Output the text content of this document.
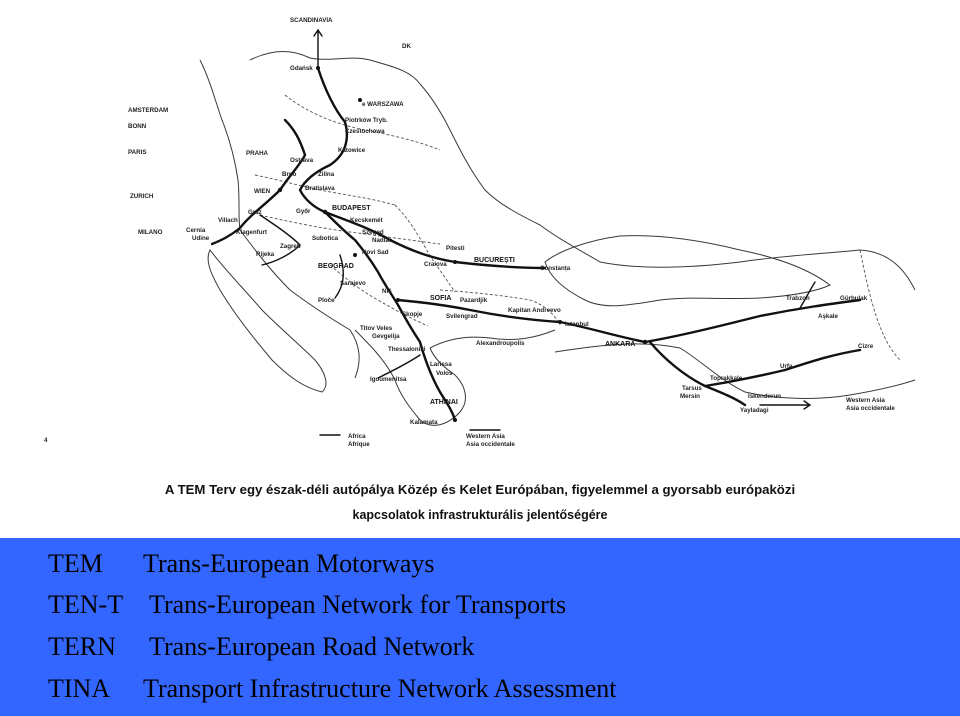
SCANDINAVIA
DK
Gdańsk
AMSTERDAM
BONN
PARIS
ZURICH
MILANO
e WARSZAWA
Piotrków Tryb.
Czestochowa
Katowice
PRAHA
Ostrava
Žilina
Brno
WIEN	Bratislava
Graz	Győr	BUDAPEST
Villach
Klagenfurt
Cernia
Udine
Kecskemét
Szeged
Subotica	Nadlac
Zagreb
Rijeka	Novi Sad
BEOGRAD
Pitesti
Craiova
BUCUREȘTI
Constanța
Sarajevo
Ploče
Niš
SOFIA Pazardjik
Skopje	Svilengrad
Kapitan Andreevo
Istanbul
Titov Veles
Gevgelija
Thessaloniki
Alexandroupolis	ANKARA
Trabzon	Gürbulak
Aşkale
Cizre
Urfa
Toprakkale
Tarsus
Mersin	Iskenderun
Yayladagi
Larissa
Volos
Igoumenitsa
ATHINAI
Kalamata
Africa
Afrique
Western Asia
Asia occidentale
Western Asia
Asia occidentale
4
A TEM Terv egy észak-déli autópálya Közép és Kelet Európában, figyelemmel a gyorsabb európaközi
kapcsolatok infrastrukturális jelentőségére
TEM Trans-European Motorways
TEN-T Trans-European Network for Transports
TERN Trans-European Road Network
TINA Transport Infrastructure Network Assessment
